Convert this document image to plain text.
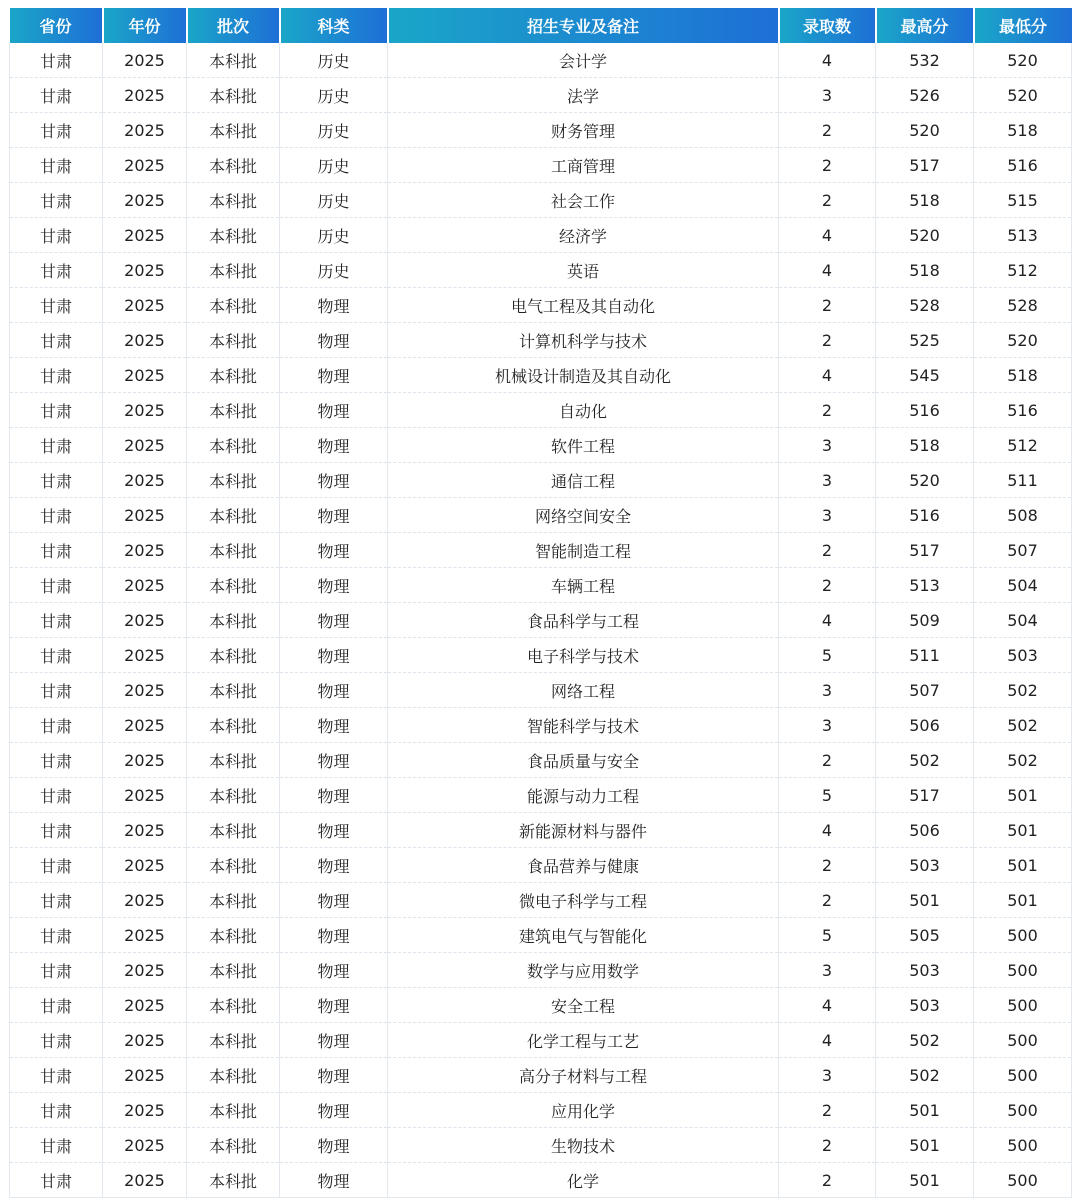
省份	年份	批次	科类	招生专业及备注	录取数	最高分	最低分
甘肃	2025	本科批	历史	会计学	4	532	520
甘肃	2025	本科批	历史	法学	3	526	520
甘肃	2025	本科批	历史	财务管理	2	520	518
甘肃	2025	本科批	历史	工商管理	2	517	516
甘肃	2025	本科批	历史	社会工作	2	518	515
甘肃	2025	本科批	历史	经济学	4	520	513
甘肃	2025	本科批	历史	英语	4	518	512
甘肃	2025	本科批	物理	电气工程及其自动化	2	528	528
甘肃	2025	本科批	物理	计算机科学与技术	2	525	520
甘肃	2025	本科批	物理	机械设计制造及其自动化	4	545	518
甘肃	2025	本科批	物理	自动化	2	516	516
甘肃	2025	本科批	物理	软件工程	3	518	512
甘肃	2025	本科批	物理	通信工程	3	520	511
甘肃	2025	本科批	物理	网络空间安全	3	516	508
甘肃	2025	本科批	物理	智能制造工程	2	517	507
甘肃	2025	本科批	物理	车辆工程	2	513	504
甘肃	2025	本科批	物理	食品科学与工程	4	509	504
甘肃	2025	本科批	物理	电子科学与技术	5	511	503
甘肃	2025	本科批	物理	网络工程	3	507	502
甘肃	2025	本科批	物理	智能科学与技术	3	506	502
甘肃	2025	本科批	物理	食品质量与安全	2	502	502
甘肃	2025	本科批	物理	能源与动力工程	5	517	501
甘肃	2025	本科批	物理	新能源材料与器件	4	506	501
甘肃	2025	本科批	物理	食品营养与健康	2	503	501
甘肃	2025	本科批	物理	微电子科学与工程	2	501	501
甘肃	2025	本科批	物理	建筑电气与智能化	5	505	500
甘肃	2025	本科批	物理	数学与应用数学	3	503	500
甘肃	2025	本科批	物理	安全工程	4	503	500
甘肃	2025	本科批	物理	化学工程与工艺	4	502	500
甘肃	2025	本科批	物理	高分子材料与工程	3	502	500
甘肃	2025	本科批	物理	应用化学	2	501	500
甘肃	2025	本科批	物理	生物技术	2	501	500
甘肃	2025	本科批	物理	化学	2	501	500
